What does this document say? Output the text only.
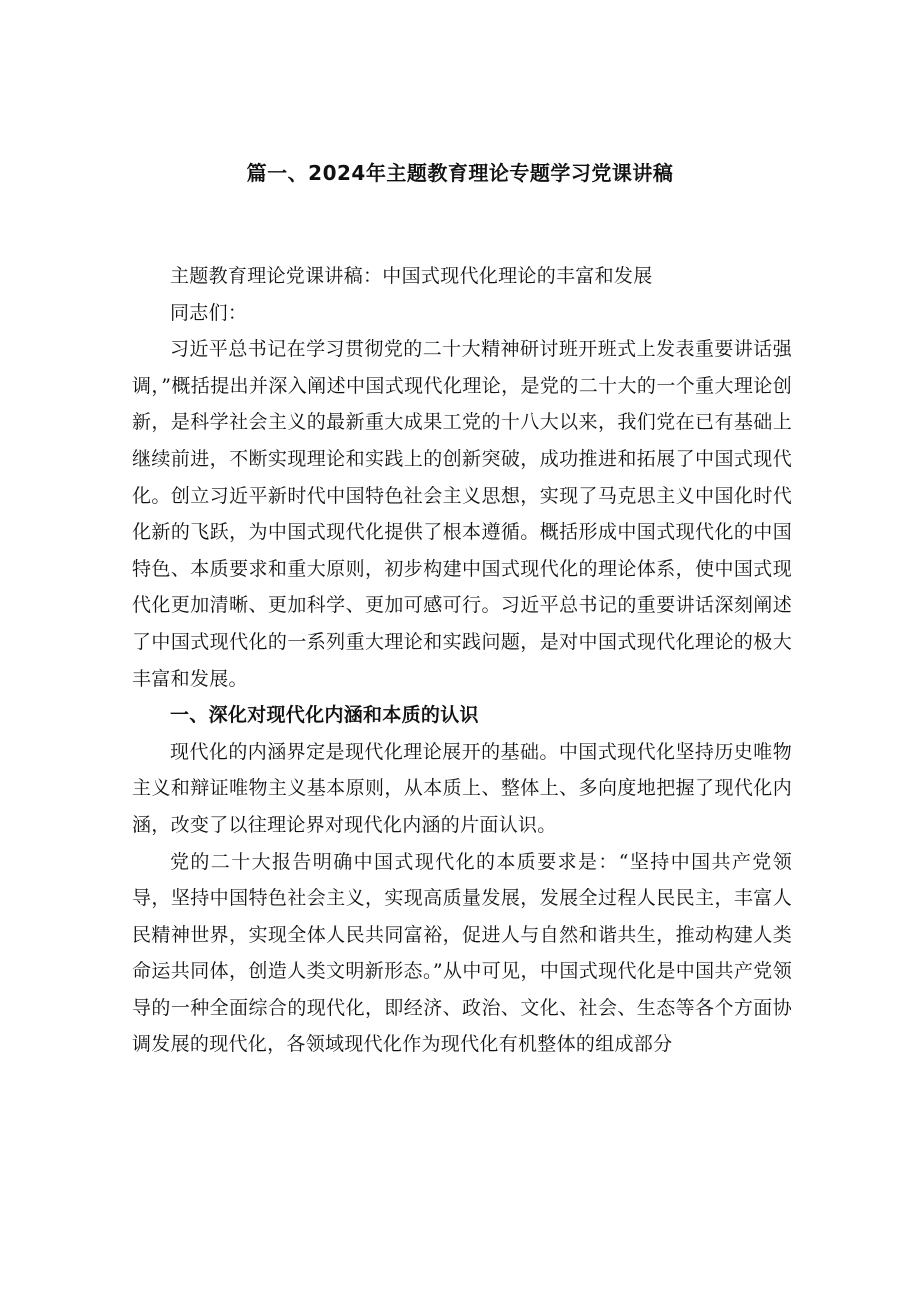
篇一、2024年主题教育理论专题学习党课讲稿

主题教育理论党课讲稿：中国式现代化理论的丰富和发展

同志们：

习近平总书记在学习贯彻党的二十大精神研讨班开班式上发表重要讲话强调，”概括提出并深入阐述中国式现代化理论，是党的二十大的一个重大理论创新，是科学社会主义的最新重大成果工党的十八大以来，我们党在已有基础上继续前进，不断实现理论和实践上的创新突破，成功推进和拓展了中国式现代化。创立习近平新时代中国特色社会主义思想，实现了马克思主义中国化时代化新的飞跃，为中国式现代化提供了根本遵循。概括形成中国式现代化的中国特色、本质要求和重大原则，初步构建中国式现代化的理论体系，使中国式现代化更加清晰、更加科学、更加可感可行。习近平总书记的重要讲话深刻阐述了中国式现代化的一系列重大理论和实践问题，是对中国式现代化理论的极大丰富和发展。

一、深化对现代化内涵和本质的认识

现代化的内涵界定是现代化理论展开的基础。中国式现代化坚持历史唯物主义和辩证唯物主义基本原则，从本质上、整体上、多向度地把握了现代化内涵，改变了以往理论界对现代化内涵的片面认识。

党的二十大报告明确中国式现代化的本质要求是：“坚持中国共产党领导，坚持中国特色社会主义，实现高质量发展，发展全过程人民民主，丰富人民精神世界，实现全体人民共同富裕，促进人与自然和谐共生，推动构建人类命运共同体，创造人类文明新形态。”从中可见，中国式现代化是中国共产党领导的一种全面综合的现代化，即经济、政治、文化、社会、生态等各个方面协调发展的现代化，各领域现代化作为现代化有机整体的组成部分
